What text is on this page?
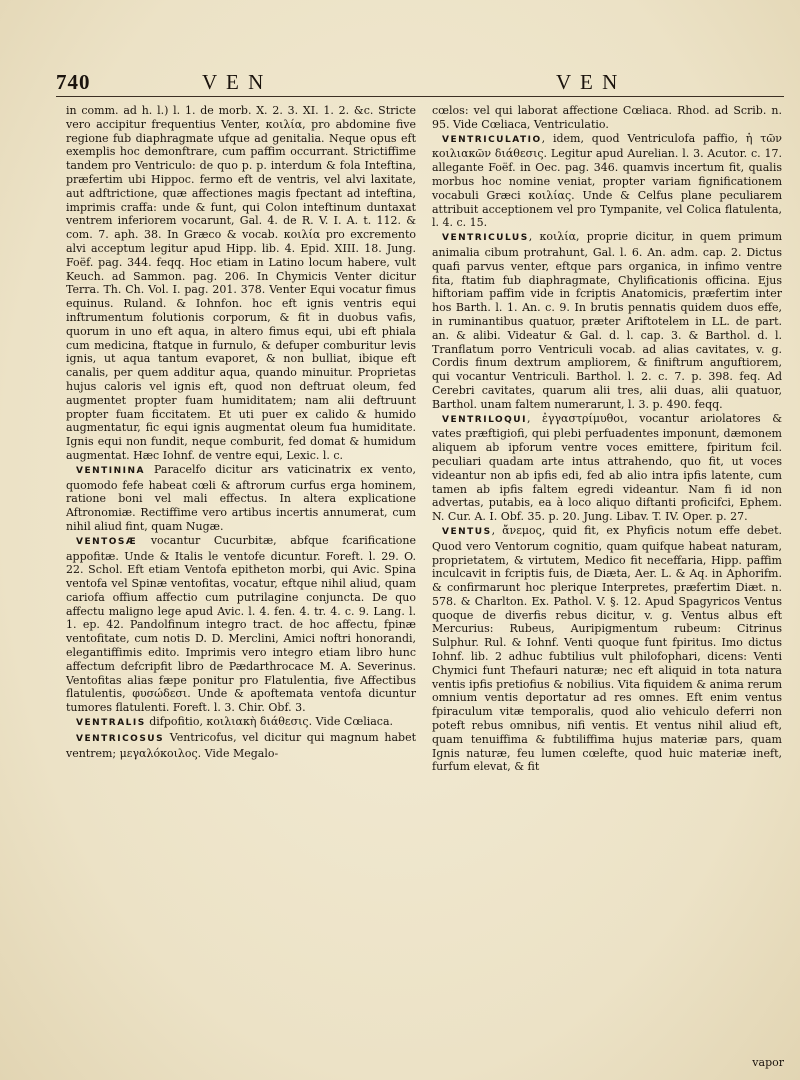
740	V E N	V E N

in comm. ad h. l.) l. 1. de morb. X. 2. 3. XI. 1. 2. &c. Stricte vero accipitur frequentius Venter, κοιλία, pro abdomine five regione fub diaphragmate ufque ad genitalia. Neque opus eft exemplis hoc demonftrare, cum paffim occurrant. Strictiffime tandem pro Ventriculo: de quo p. p. interdum & fola Inteftina, præfertim ubi Hippoc. fermo eft de ventris, vel alvi laxitate, aut adftrictione, quæ affectiones magis fpectant ad inteftina, imprimis craffa: unde & funt, qui Colon inteftinum duntaxat ventrem inferiorem vocarunt, Gal. 4. de R. V. I. A. t. 112. & com. 7. aph. 38. In Græco & vocab. κοιλία pro excremento alvi acceptum legitur apud Hipp. lib. 4. Epid. XIII. 18. Jung. Foëf. pag. 344. feqq. Hoc etiam in Latino locum habere, vult Keuch. ad Sammon. pag. 206. In Chymicis Venter dicitur Terra. Th. Ch. Vol. I. pag. 201. 378. Venter Equi vocatur fimus equinus. Ruland. & Iohnfon. hoc eft ignis ventris equi inftrumentum folutionis corporum, & fit in duobus vafis, quorum in uno eft aqua, in altero fimus equi, ubi eft phiala cum medicina, ftatque in furnulo, & defuper comburitur levis ignis, ut aqua tantum evaporet, & non bulliat, ibique eft canalis, per quem additur aqua, quando minuitur. Proprietas hujus caloris vel ignis eft, quod non deftruat oleum, fed augmentet propter fuam humiditatem; nam alii deftruunt propter fuam ficcitatem. Et uti puer ex calido & humido augmentatur, fic equi ignis augmentat oleum fua humiditate. Ignis equi non fundit, neque comburit, fed domat & humidum augmentat. Hæc Iohnf. de ventre equi, Lexic. l. c.

VENTININA Paracelfo dicitur ars vaticinatrix ex vento, quomodo fefe habeat cœli & aftrorum curfus erga hominem, ratione boni vel mali effectus. In altera explicatione Aftronomiæ. Rectiffime vero artibus incertis annumerat, cum nihil aliud fint, quam Nugæ.

VENTOSÆ vocantur Cucurbitæ, abfque fcarificatione appofitæ. Unde & Italis le ventofe dicuntur. Foreft. l. 29. O. 22. Schol. Eft etiam Ventofa epitheton morbi, qui Avic. Spina ventofa vel Spinæ ventofitas, vocatur, eftque nihil aliud, quam cariofa offium affectio cum putrilagine conjuncta. De quo affectu maligno lege apud Avic. l. 4. fen. 4. tr. 4. c. 9. Lang. l. 1. ep. 42. Pandolfinum integro tract. de hoc affectu, fpinæ ventofitate, cum notis D. D. Merclini, Amici noftri honorandi, elegantiffimis edito. Imprimis vero integro etiam libro hunc affectum defcripfit libro de Pædarthrocace M. A. Severinus. Ventofitas alias fæpe ponitur pro Flatulentia, five Affectibus flatulentis, φυσώδεσι. Unde & apoftemata ventofa dicuntur tumores flatulenti. Foreft. l. 3. Chir. Obf. 3.

VENTRALIS difpofitio, κοιλιακὴ διάθεσις. Vide Cœliaca.

VENTRICOSUS Ventricofus, vel dicitur qui magnum habet ventrem; μεγαλόκοιλος. Vide Megalo-

cœlos: vel qui laborat affectione Cœliaca. Rhod. ad Scrib. n. 95. Vide Cœliaca, Ventriculatio.

VENTRICULATIO, idem, quod Ventriculofa paffio, ἡ τῶν κοιλιακῶν διάθεσις. Legitur apud Aurelian. l. 3. Acutor. c. 17. allegante Foëf. in Oec. pag. 346. quamvis incertum fit, qualis morbus hoc nomine veniat, propter variam fignificationem vocabuli Græci κοιλίας. Unde & Celfus plane peculiarem attribuit acceptionem vel pro Tympanite, vel Colica flatulenta, l. 4. c. 15.

VENTRICULUS, κοιλία, proprie dicitur, in quem primum animalia cibum protrahunt, Gal. l. 6. An. adm. cap. 2. Dictus quafi parvus venter, eftque pars organica, in infimo ventre fita, ftatim fub diaphragmate, Chylificationis officina. Ejus hiftoriam paffim vide in fcriptis Anatomicis, præfertim inter hos Barth. l. 1. An. c. 9. In brutis pennatis quidem duos effe, in ruminantibus quatuor, præter Ariftotelem in LL. de part. an. & alibi. Videatur & Gal. d. l. cap. 3. & Barthol. d. l. Tranflatum porro Ventriculi vocab. ad alias cavitates, v. g. Cordis finum dextrum ampliorem, & finiftrum anguftiorem, qui vocantur Ventriculi. Barthol. l. 2. c. 7. p. 398. feq. Ad Cerebri cavitates, quarum alii tres, alii duas, alii quatuor, Barthol. unam faltem numerarunt, l. 3. p. 490. feqq.

VENTRILOQUI, ἐγγαστρίμυθοι, vocantur ariolatores & vates præftigiofi, qui plebi perfuadentes imponunt, dæmonem aliquem ab ipforum ventre voces emittere, fpiritum fcil. peculiari quadam arte intus attrahendo, quo fit, ut voces videantur non ab ipfis edi, fed ab alio intra ipfis latente, cum tamen ab ipfis faltem egredi videantur. Nam fi id non advertas, putabis, ea à loco aliquo diftanti proficifci, Ephem. N. Cur. A. I. Obf. 35. p. 20. Jung. Libav. T. IV. Oper. p. 27.

VENTUS, ἄνεμος, quid fit, ex Phyficis notum effe debet. Quod vero Ventorum cognitio, quam quifque habeat naturam, proprietatem, & virtutem, Medico fit neceffaria, Hipp. paffim inculcavit in fcriptis fuis, de Diæta, Aer. L. & Aq. in Aphorifm. & confirmarunt hoc plerique Interpretes, præfertim Diæt. n. 578. & Charlton. Ex. Pathol. V. §. 12. Apud Spagyricos Ventus quoque de diverfis rebus dicitur, v. g. Ventus albus eft Mercurius: Rubeus, Auripigmentum rubeum: Citrinus Sulphur. Rul. & Iohnf. Venti quoque funt fpiritus. Imo dictus Iohnf. lib. 2 adhuc fubtilius vult philofophari, dicens: Venti Chymici funt Thefauri naturæ; nec eft aliquid in tota natura ventis ipfis pretiofius & nobilius. Vita fiquidem & anima rerum omnium ventis deportatur ad res omnes. Eft enim ventus fpiraculum vitæ temporalis, quod alio vehiculo deferri non poteft rebus omnibus, nifi ventis. Et ventus nihil aliud eft, quam tenuiffima & fubtiliffima hujus materiæ pars, quam Ignis naturæ, feu lumen cœlefte, quod huic materiæ ineft, furfum elevat, & fit

vapor
